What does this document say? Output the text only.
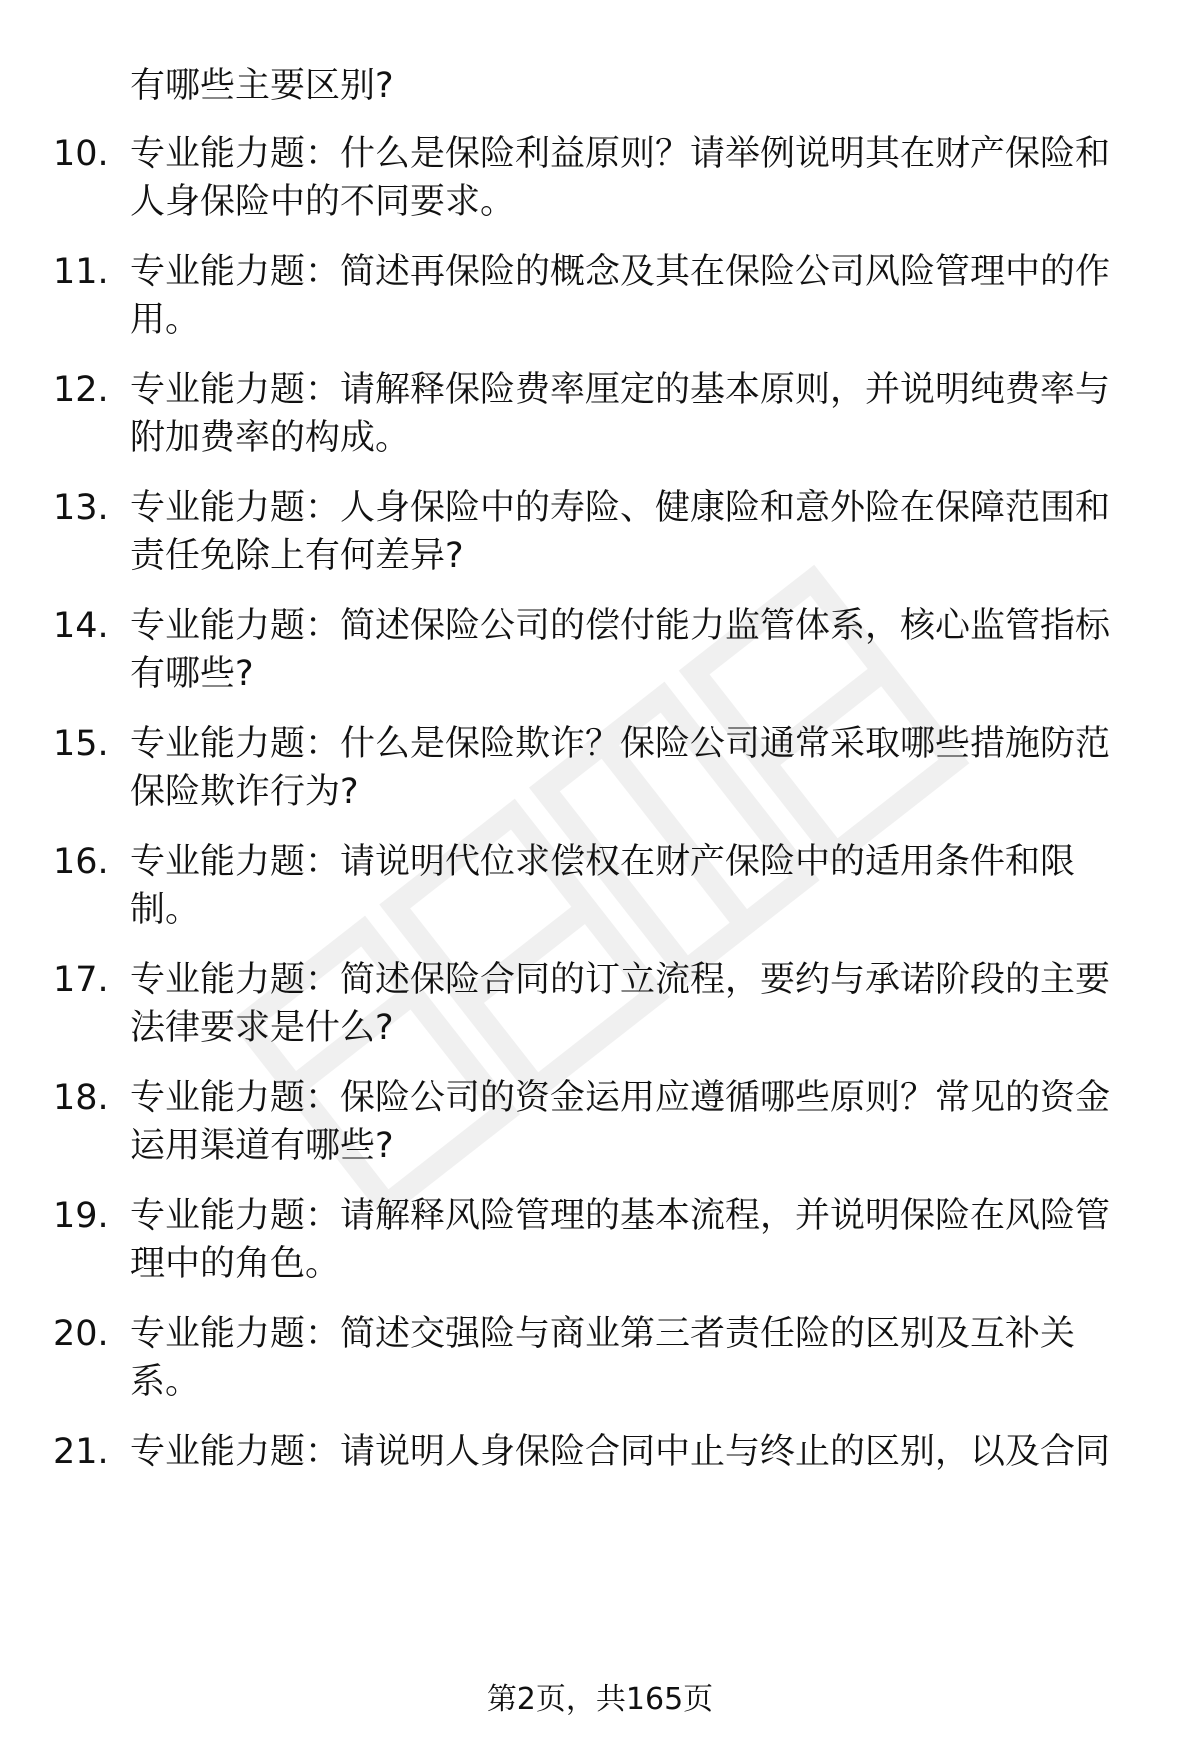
有哪些主要区别?
10. 专业能力题：什么是保险利益原则？请举例说明其在财产保险和
人身保险中的不同要求。
11. 专业能力题：简述再保险的概念及其在保险公司风险管理中的作
用。
12. 专业能力题：请解释保险费率厘定的基本原则，并说明纯费率与
附加费率的构成。
13. 专业能力题：人身保险中的寿险、健康险和意外险在保障范围和
责任免除上有何差异?
14. 专业能力题：简述保险公司的偿付能力监管体系，核心监管指标
有哪些?
15. 专业能力题：什么是保险欺诈？保险公司通常采取哪些措施防范
保险欺诈行为?
16. 专业能力题：请说明代位求偿权在财产保险中的适用条件和限
制。
17. 专业能力题：简述保险合同的订立流程，要约与承诺阶段的主要
法律要求是什么?
18. 专业能力题：保险公司的资金运用应遵循哪些原则？常见的资金
运用渠道有哪些?
19. 专业能力题：请解释风险管理的基本流程，并说明保险在风险管
理中的角色。
20. 专业能力题：简述交强险与商业第三者责任险的区别及互补关
系。
21. 专业能力题：请说明人身保险合同中止与终止的区别，以及合同
第2页，共165页
